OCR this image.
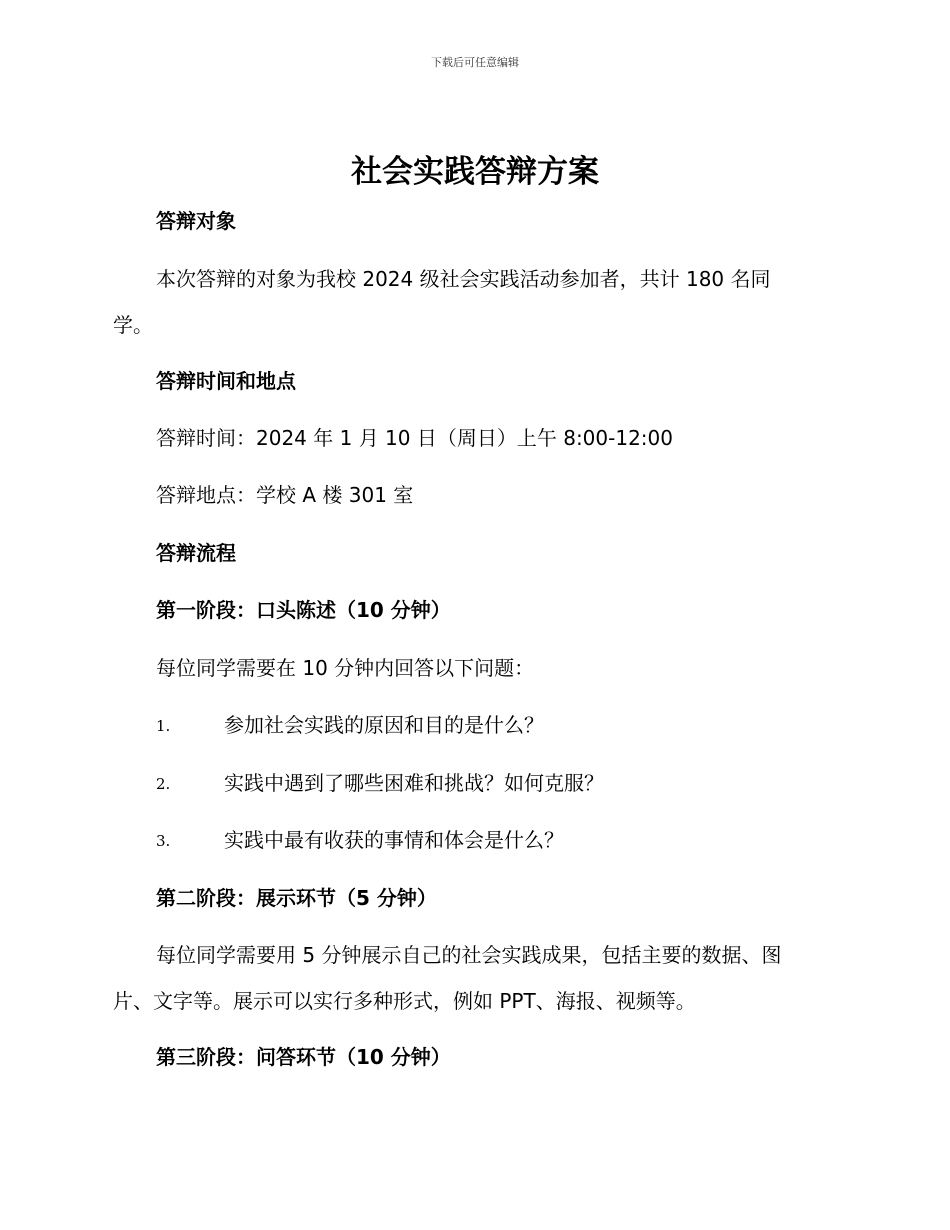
下载后可任意编辑
社会实践答辩方案
答辩对象
本次答辩的对象为我校 2024 级社会实践活动参加者，共计 180 名同
学。
答辩时间和地点
答辩时间：2024 年 1 月 10 日（周日）上午 8:00-12:00
答辩地点：学校 A 楼 301 室
答辩流程
第一阶段：口头陈述（10 分钟）
每位同学需要在 10 分钟内回答以下问题：
1.	参加社会实践的原因和目的是什么？
2.	实践中遇到了哪些困难和挑战？如何克服？
3.	实践中最有收获的事情和体会是什么？
第二阶段：展示环节（5 分钟）
每位同学需要用 5 分钟展示自己的社会实践成果，包括主要的数据、图
片、文字等。展示可以实行多种形式，例如 PPT、海报、视频等。
第三阶段：问答环节（10 分钟）
